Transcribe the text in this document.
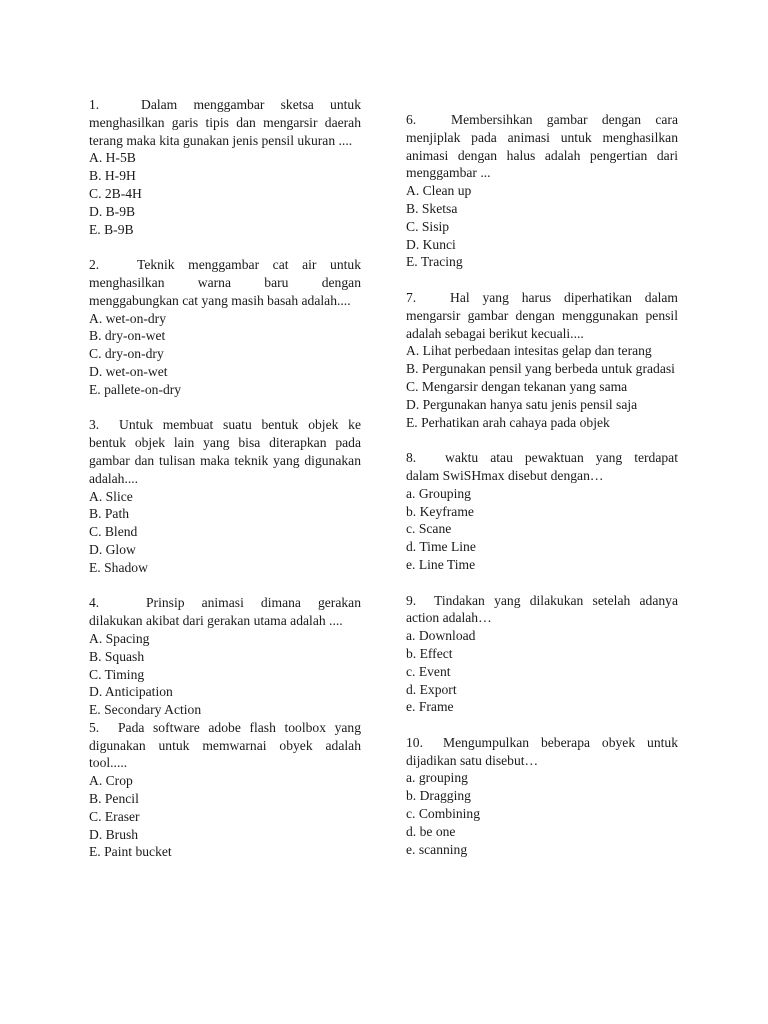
1.	Dalam menggambar sketsa untuk menghasilkan garis tipis dan mengarsir daerah terang maka kita gunakan jenis pensil ukuran ....

A. H-5B
B. H-9H
C. 2B-4H
D. B-9B
E. B-9B

2.	Teknik menggambar cat air untuk menghasilkan warna baru dengan menggabungkan cat yang masih basah adalah....

A. wet-on-dry
B. dry-on-wet
C. dry-on-dry
D. wet-on-wet
E. pallete-on-dry

3. Untuk membuat suatu bentuk objek ke bentuk objek lain yang bisa diterapkan pada gambar dan tulisan maka teknik yang digunakan adalah....

A. Slice
B. Path
C. Blend
D. Glow
E. Shadow

4.	Prinsip animasi dimana gerakan dilakukan akibat dari gerakan utama adalah ....

A. Spacing
B. Squash
C. Timing
D. Anticipation
E. Secondary Action

5. Pada software adobe flash toolbox yang digunakan untuk memwarnai obyek adalah tool.....

A. Crop
B. Pencil
C. Eraser
D. Brush
E. Paint bucket

6.	Membersihkan gambar dengan cara menjiplak pada animasi untuk menghasilkan animasi dengan halus adalah pengertian dari menggambar ...

A. Clean up
B. Sketsa
C. Sisip
D. Kunci
E. Tracing

7. Hal yang harus diperhatikan dalam mengarsir gambar dengan menggunakan pensil adalah sebagai berikut kecuali....

A. Lihat perbedaan intesitas gelap dan terang
B. Pergunakan pensil yang berbeda untuk gradasi
C. Mengarsir dengan tekanan yang sama
D. Pergunakan hanya satu jenis pensil saja
E. Perhatikan arah cahaya pada objek

8. waktu atau pewaktuan yang terdapat dalam SwiSHmax disebut dengan…

a. Grouping
b. Keyframe
c. Scane
d. Time Line
e. Line Time

9. Tindakan yang dilakukan setelah adanya action adalah…

a. Download
b. Effect
c. Event
d. Export
e. Frame

10. Mengumpulkan beberapa obyek untuk dijadikan satu disebut…

a. grouping
b. Dragging
c. Combining
d. be one
e. scanning
